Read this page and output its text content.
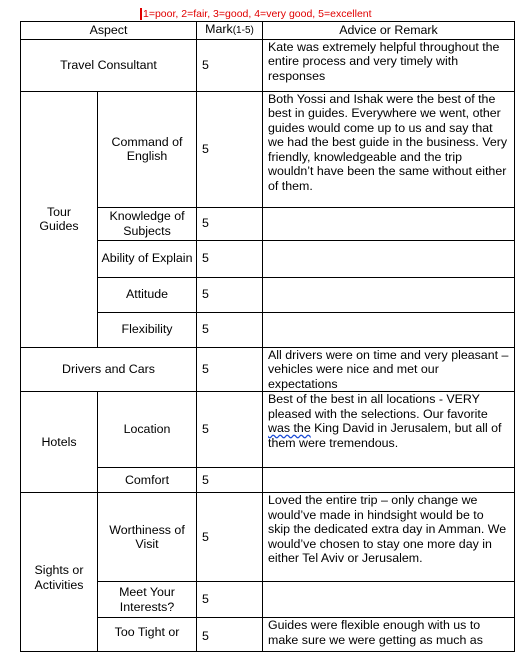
1=poor, 2=fair, 3=good, 4=very good, 5=excellent
Aspect		Mark(1-5)	Advice or Remark
Travel Consultant		5	Kate was extremely helpful throughout the entire process and very timely with responses
Tour Guides	Command of English	5	Both Yossi and Ishak were the best of the best in guides. Everywhere we went, other guides would come up to us and say that we had the best guide in the business. Very friendly, knowledgeable and the trip wouldn’t have been the same without either of them.
	Knowledge of Subjects	5	
	Ability of Explain	5	
	Attitude	5	
	Flexibility	5	
Drivers and Cars		5	All drivers were on time and very pleasant – vehicles were nice and met our expectations
Hotels	Location	5	Best of the best in all locations - VERY pleased with the selections. Our favorite was the King David in Jerusalem, but all of them were tremendous.
	Comfort	5	
Sights or Activities	Worthiness of Visit	5	Loved the entire trip – only change we would’ve made in hindsight would be to skip the dedicated extra day in Amman. We would’ve chosen to stay one more day in either Tel Aviv or Jerusalem.
	Meet Your Interests?	5	
	Too Tight or	5	Guides were flexible enough with us to make sure we were getting as much as
